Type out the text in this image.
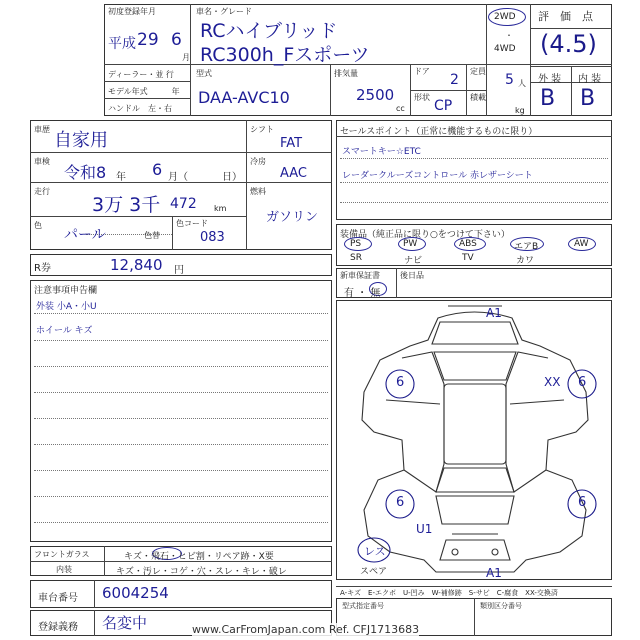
初度登録年月
平成 29 6
月
車名・グレード
RCハイブリッド
RC300h_Fスポーツ
2WD
・
4WD
評　価　点
(4.5)
外 装 内 装
B B
ディーラー・並 行
モデル年式　　　年
ハンドル　左・右
型式
DAA-AVC10
排気量
2500
cc
ドア
2
形状
CP
定員
5 人
積載
kg
車歴
自家用
車検
令和8 年 6 月（	日）
走行
3万 3千 472 km
色
パール	色替
色コード
083
シフト
FAT
冷房
AAC
燃料
ガソリン
セールスポイント（正常に機能するものに限り）
スマートキー☆ETC
レーダークルーズコントロール 赤レザーシート
装備品（純正品に限り○をつけて下さい）
PS	PW	ABS	エアB	AW
SR	ナビ	TV	カワ
新車保証書
有 ・ 無
後日品
R券	12,840 円
注意事項申告欄
外装 小A・小U
ホイール キズ
フロントガラス	キズ・飛石・ヒビ割・リペア跡・X要
内装	キズ・汚レ・コゲ・穴・スレ・キレ・破レ
A1
6	6
XX
6	6
U1
レス
スペア	A1
A-キズ　E-エクボ　U-凹み　W-補修跡　S-サビ　C-腐食　XX-交換済
車台番号 6004254
登録義務 名変中
型式指定番号	類別区分番号
www.CarFromJapan.com Ref. CFJ1713683
